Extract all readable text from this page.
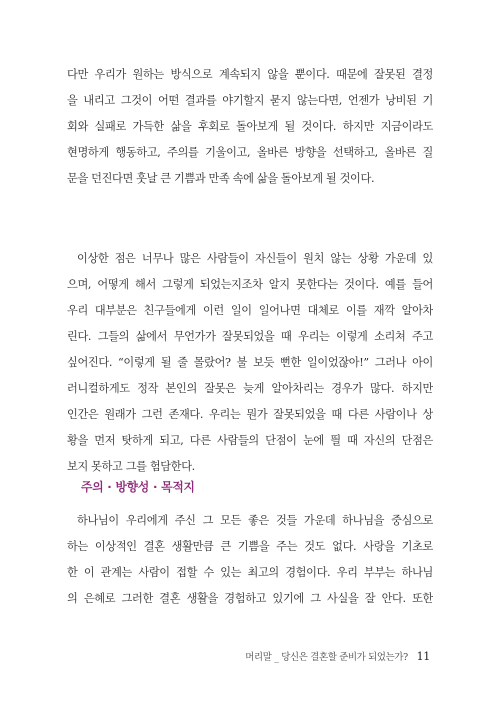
다만 우리가 원하는 방식으로 계속되지 않을 뿐이다. 때문에 잘못된 결정
을 내리고 그것이 어떤 결과를 야기할지 묻지 않는다면, 언젠가 낭비된 기
회와 실패로 가득한 삶을 후회로 돌아보게 될 것이다. 하지만 지금이라도
현명하게 행동하고, 주의를 기울이고, 올바른 방향을 선택하고, 올바른 질
문을 던진다면 훗날 큰 기쁨과 만족 속에 삶을 돌아보게 될 것이다.

이상한 점은 너무나 많은 사람들이 자신들이 원치 않는 상황 가운데 있
으며, 어떻게 해서 그렇게 되었는지조차 알지 못한다는 것이다. 예를 들어
우리 대부분은 친구들에게 이런 일이 일어나면 대체로 이를 재깍 알아차
린다. 그들의 삶에서 무언가가 잘못되었을 때 우리는 이렇게 소리쳐 주고
싶어진다. “이렇게 될 줄 몰랐어? 불 보듯 뻔한 일이었잖아!” 그러나 아이
러니컬하게도 정작 본인의 잘못은 늦게 알아차리는 경우가 많다. 하지만
인간은 원래가 그런 존재다. 우리는 뭔가 잘못되었을 때 다른 사람이나 상
황을 먼저 탓하게 되고, 다른 사람들의 단점이 눈에 띌 때 자신의 단점은
보지 못하고 그를 험담한다.

주의 · 방향성 · 목적지

하나님이 우리에게 주신 그 모든 좋은 것들 가운데 하나님을 중심으로
하는 이상적인 결혼 생활만큼 큰 기쁨을 주는 것도 없다. 사랑을 기초로
한 이 관계는 사람이 접할 수 있는 최고의 경험이다. 우리 부부는 하나님
의 은혜로 그러한 결혼 생활을 경험하고 있기에 그 사실을 잘 안다. 또한

머리말 _ 당신은 결혼할 준비가 되었는가? 11
